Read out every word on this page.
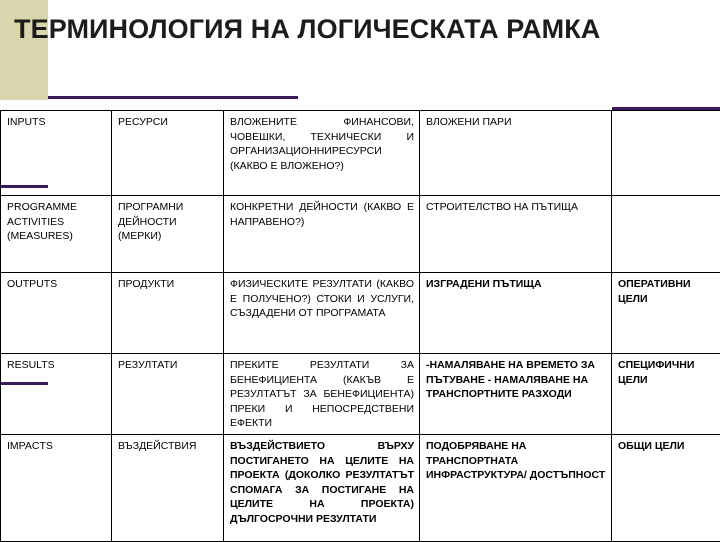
ТЕРМИНОЛОГИЯ НА ЛОГИЧЕСКАТА РАМКА
INPUTS	РЕСУРСИ	ВЛОЖЕНИТЕ ФИНАНСОВИ, ЧОВЕШКИ, ТЕХНИЧЕСКИ И ОРГАНИЗАЦИОННИРЕСУРСИ (КАКВО Е ВЛОЖЕНО?)	ВЛОЖЕНИ ПАРИ	
PROGRAMME ACTIVITIES (MEASURES)	ПРОГРАМНИ ДЕЙНОСТИ (МЕРКИ)	КОНКРЕТНИ ДЕЙНОСТИ (КАКВО Е НАПРАВЕНО?)	СТРОИТЕЛСТВО НА ПЪТИЩА	
OUTPUTS	ПРОДУКТИ	ФИЗИЧЕСКИТЕ РЕЗУЛТАТИ (КАКВО Е ПОЛУЧЕНО?) СТОКИ И УСЛУГИ, СЪЗДАДЕНИ ОТ ПРОГРАМАТА	ИЗГРАДЕНИ ПЪТИЩА	ОПЕРАТИВНИ ЦЕЛИ
RESULTS	РЕЗУЛТАТИ	ПРЕКИТЕ РЕЗУЛТАТИ ЗА БЕНЕФИЦИЕНТА (КАКЪВ Е РЕЗУЛТАТЪТ ЗА БЕНЕФИЦИЕНТА) ПРЕКИ И НЕПОСРЕДСТВЕНИ ЕФЕКТИ	-НАМАЛЯВАНЕ НА ВРЕМЕТО ЗА ПЪТУВАНЕ - НАМАЛЯВАНЕ НА ТРАНСПОРТНИТЕ РАЗХОДИ	СПЕЦИФИЧНИ ЦЕЛИ
IMPACTS	ВЪЗДЕЙСТВИЯ	ВЪЗДЕЙСТВИЕТО ВЪРХУ ПОСТИГАНЕТО НА ЦЕЛИТЕ НА ПРОЕКТА (ДОКОЛКО РЕЗУЛТАТЪТ СПОМАГА ЗА ПОСТИГАНЕ НА ЦЕЛИТЕ НА ПРОЕКТА) ДЪЛГОСРОЧНИ РЕЗУЛТАТИ	ПОДОБРЯВАНЕ НА ТРАНСПОРТНАТА ИНФРАСТРУКТУРА/ ДОСТЪПНОСТ	ОБЩИ ЦЕЛИ
